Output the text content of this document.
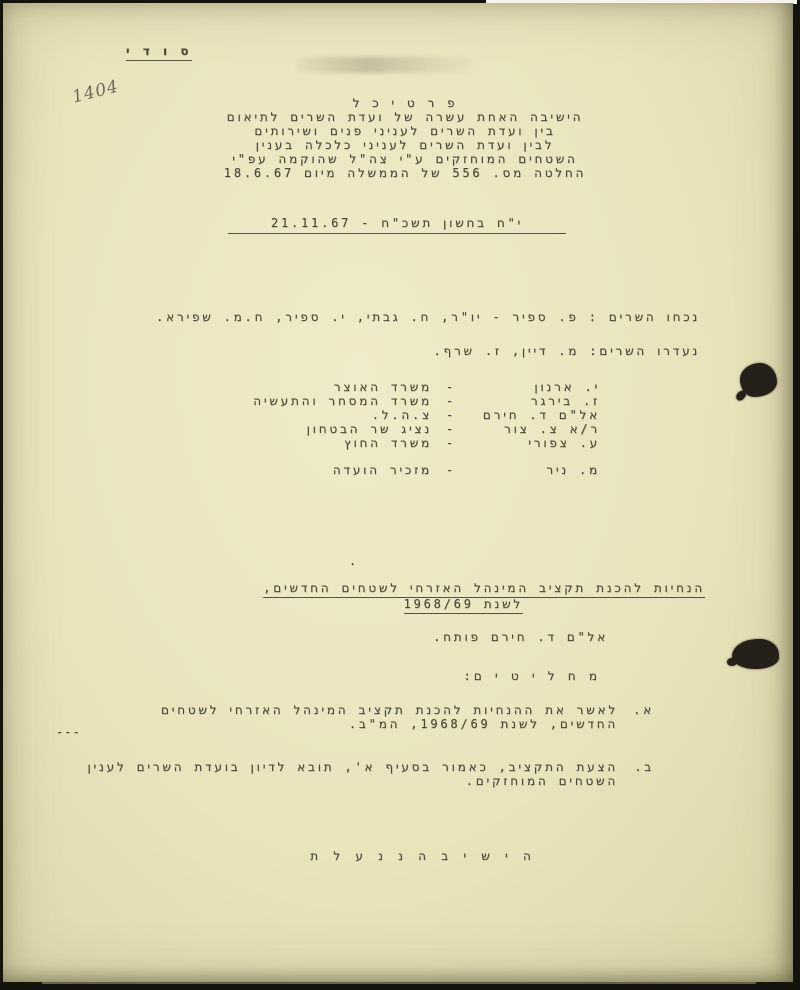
ס ו ד י
1404	פ ר ט י כ ל
הישיבה האחת עשרה של ועדת השרים לתיאום
בין ועדת השרים לעניני פנים ושירותים
לבין ועדת השרים לעניני כלכלה בענין
השטחים המוחזקים ע"י צה"ל שהוקמה עפ"י
החלטה מס. 556 של הממשלה מיום 18.6.67
י"ח בחשון תשכ"ח - 21.11.67
נכחו השרים : פ. ספיר - יו"ר, ח. גבתי, י. ספיר, ח.מ. שפירא.
נעדרו השרים: מ. דיין, ז. שרף.
י. ארנון
-
משרד האוצר
ז. בירגר
-
משרד המסחר והתעשיה
אל"ם ד. חירם
-
צ.ה.ל.
ר/א צ. צור
-
נציג שר הבטחון
ע. צפורי
-
משרד החוץ
מ. ניר
-
מזכיר הועדה
.
הנחיות להכנת תקציב המינהל האזרחי לשטחים החדשים,
לשנת 1968/69
אל"ם ד. חירם פותח.
מ ח ל י ט י ם:
א.
לאשר את ההנחיות להכנת תקציב המינהל האזרחי לשטחים
החדשים, לשנת 1968/69, המ"ב.
---
ב.
הצעת התקציב, כאמור בסעיף א', תובא לדיון בועדת השרים לענין
השטחים המוחזקים.
ה י ש י ב ה נ נ ע ל ת
